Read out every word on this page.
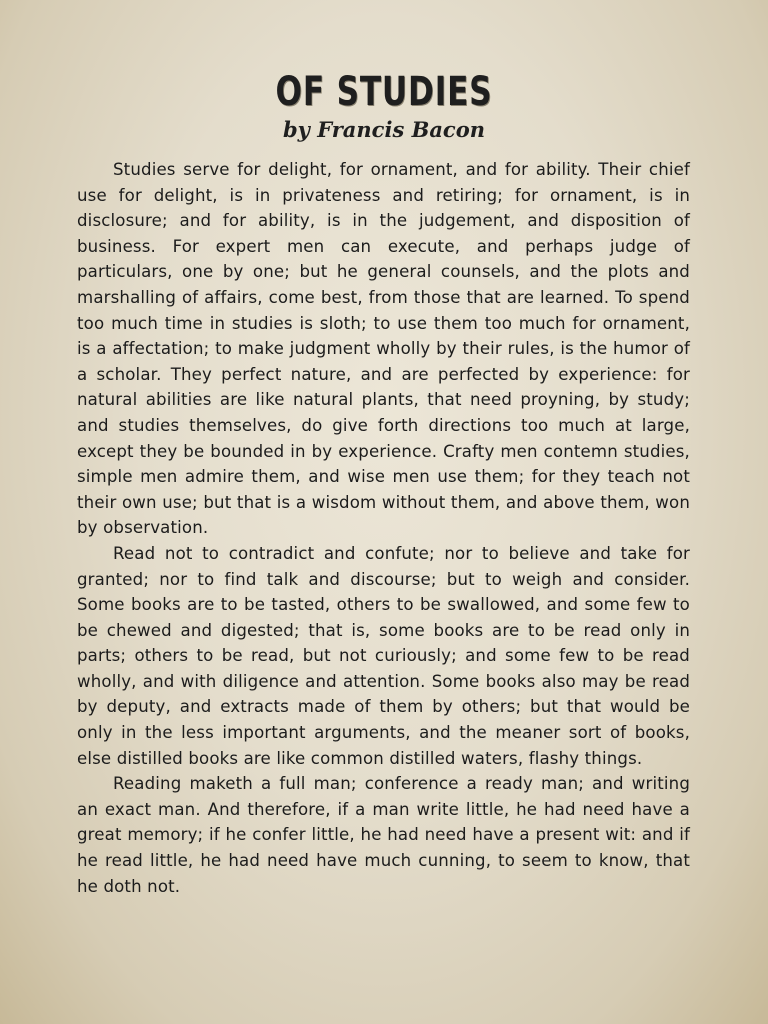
OF STUDIES
by Francis Bacon

Studies serve for delight, for ornament, and for ability. Their chief use for delight, is in privateness and retiring; for ornament, is in disclosure; and for ability, is in the judgement, and disposition of business. For expert men can execute, and perhaps judge of particulars, one by one; but he general counsels, and the plots and marshalling of affairs, come best, from those that are learned. To spend too much time in studies is sloth; to use them too much for ornament, is a affectation; to make judgment wholly by their rules, is the humor of a scholar. They perfect nature, and are perfected by experience: for natural abilities are like natural plants, that need proyning, by study; and studies themselves, do give forth directions too much at large, except they be bounded in by experience. Crafty men contemn studies, simple men admire them, and wise men use them; for they teach not their own use; but that is a wisdom without them, and above them, won by observation.

Read not to contradict and confute; nor to believe and take for granted; nor to find talk and discourse; but to weigh and consider. Some books are to be tasted, others to be swallowed, and some few to be chewed and digested; that is, some books are to be read only in parts; others to be read, but not curiously; and some few to be read wholly, and with diligence and attention. Some books also may be read by deputy, and extracts made of them by others; but that would be only in the less important arguments, and the meaner sort of books, else distilled books are like common distilled waters, flashy things.

Reading maketh a full man; conference a ready man; and writing an exact man. And therefore, if a man write little, he had need have a great memory; if he confer little, he had need have a present wit: and if he read little, he had need have much cunning, to seem to know, that he doth not.
